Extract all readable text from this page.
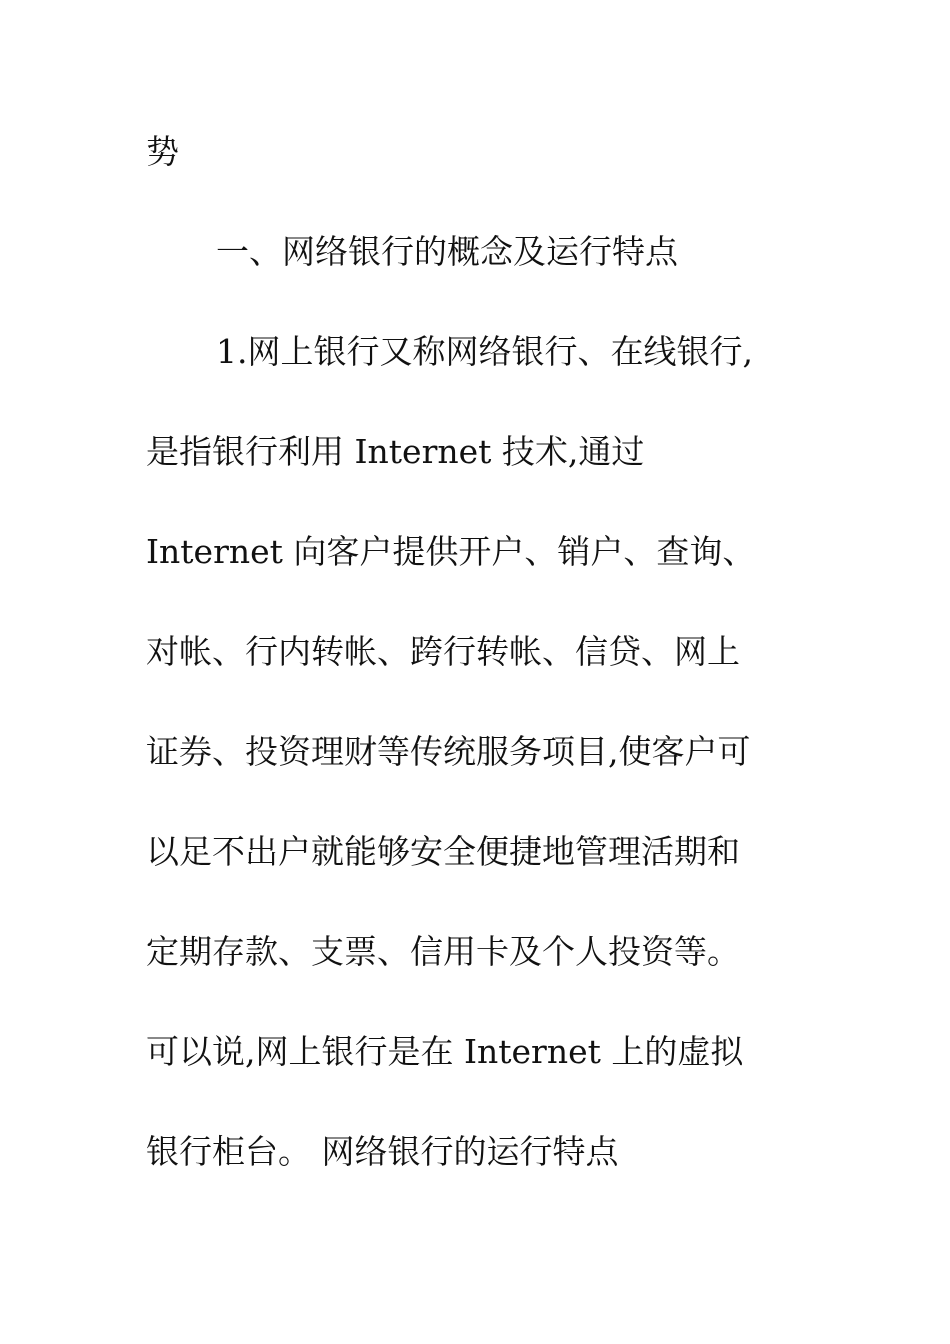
势
一、网络银行的概念及运行特点
1.网上银行又称网络银行、在线银行,
是指银行利用 Internet 技术,通过
Internet 向客户提供开户、销户、查询、
对帐、行内转帐、跨行转帐、信贷、网上
证券、投资理财等传统服务项目,使客户可
以足不出户就能够安全便捷地管理活期和
定期存款、支票、信用卡及个人投资等。
可以说,网上银行是在 Internet 上的虚拟
银行柜台。 网络银行的运行特点
